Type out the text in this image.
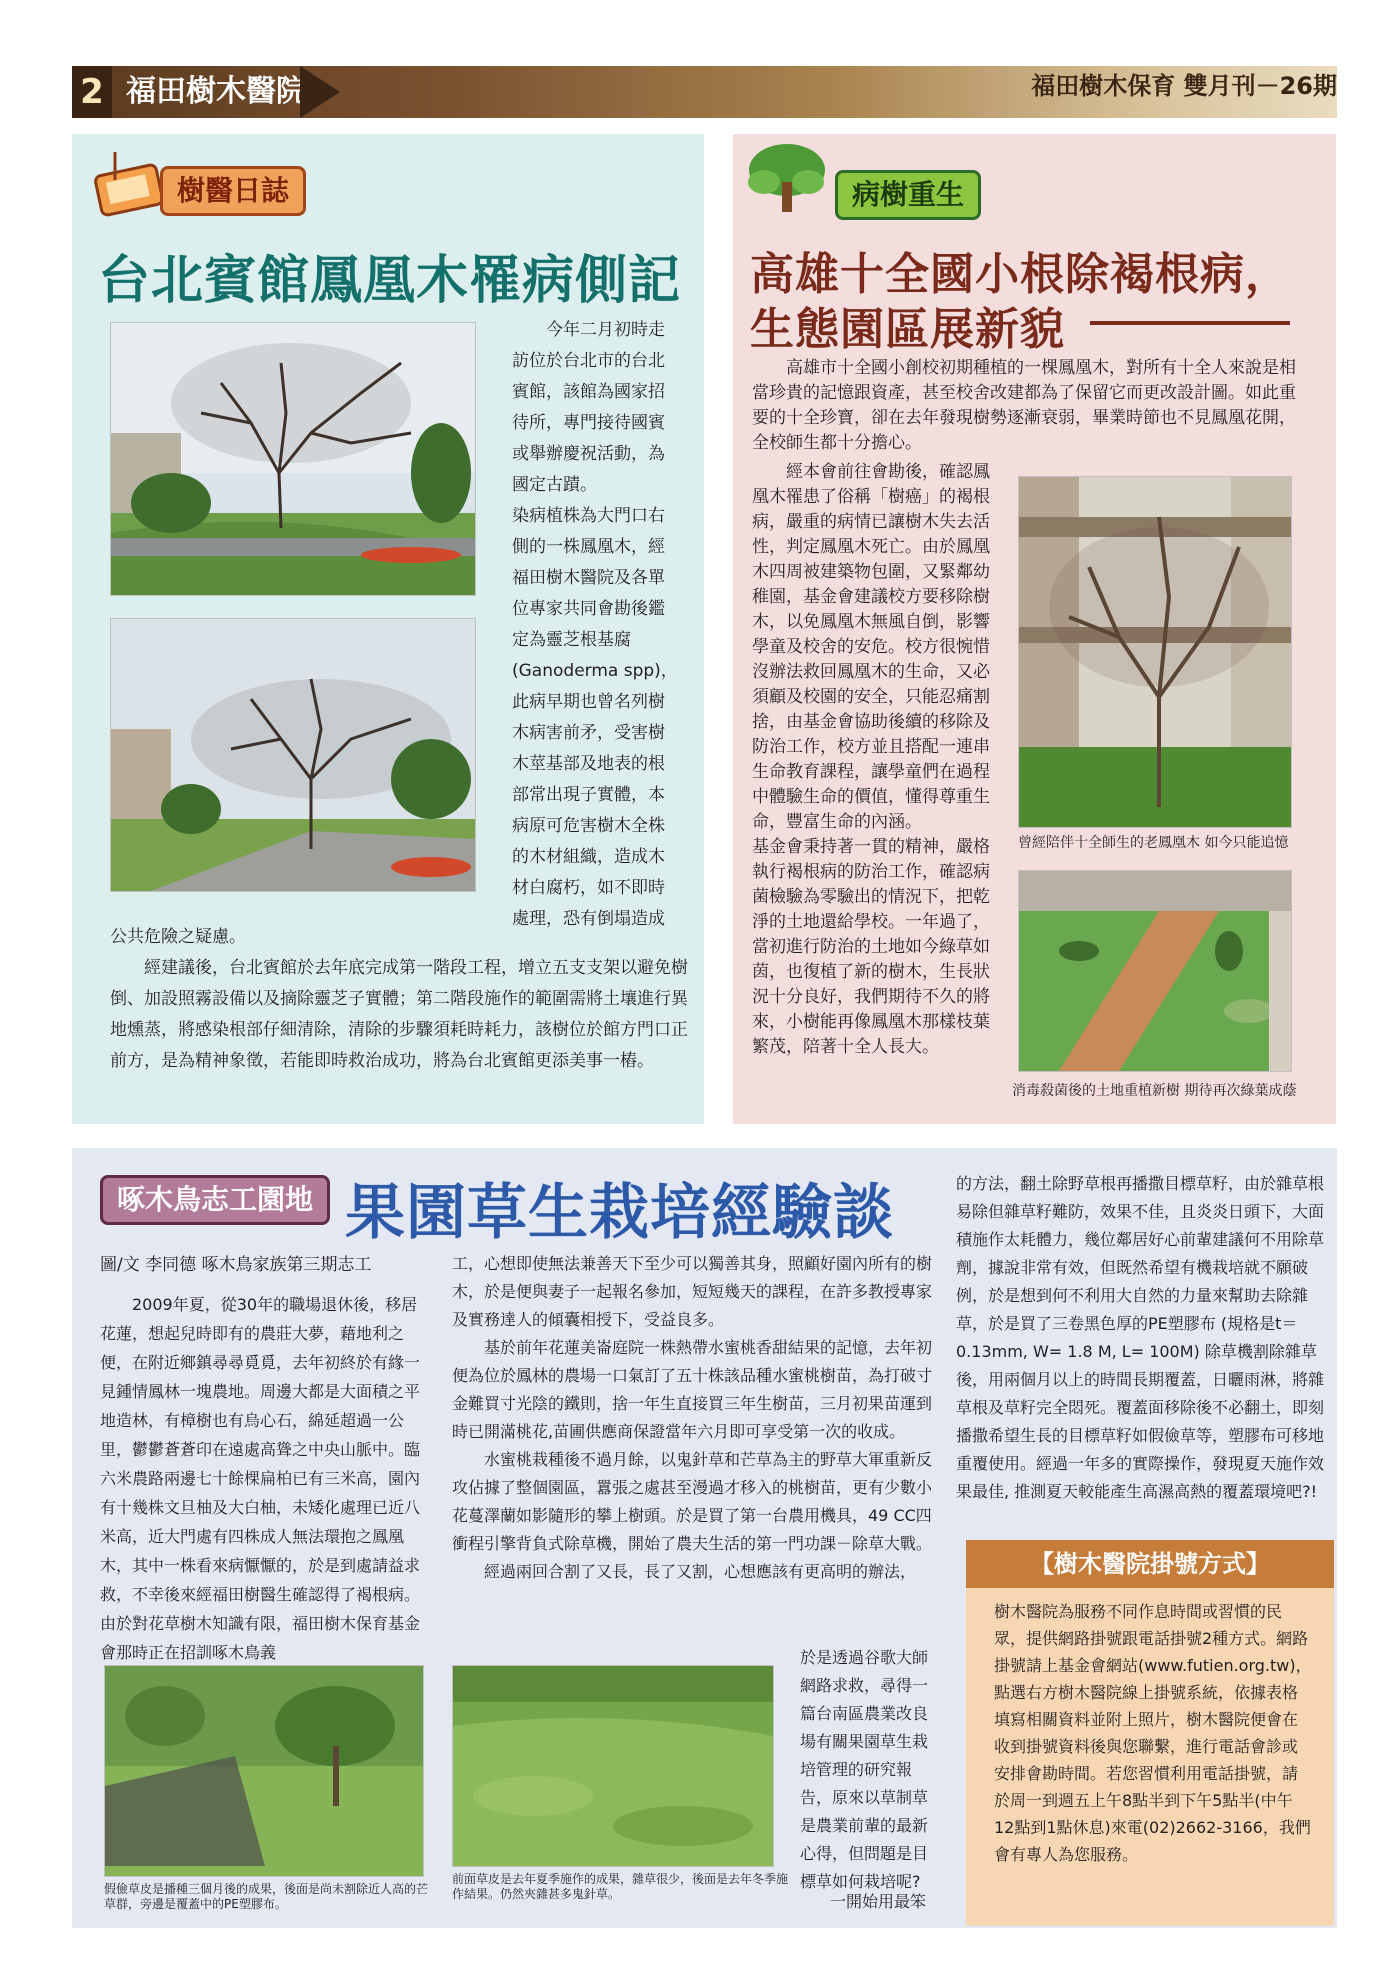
2 福田樹木醫院	福田樹木保育 雙月刊－26期
樹醫日誌
台北賓館鳳凰木罹病側記

今年二月初時走訪位於台北市的台北賓館，該館為國家招待所，專門接待國賓或舉辦慶祝活動，為國定古蹟。

染病植株為大門口右側的一株鳳凰木，經福田樹木醫院及各單位專家共同會勘後鑑定為靈芝根基腐(Ganoderma spp)，此病早期也曾名列樹木病害前矛，受害樹木莖基部及地表的根部常出現子實體，本病原可危害樹木全株的木材組織，造成木材白腐朽，如不即時處理，恐有倒塌造成

公共危險之疑慮。

經建議後，台北賓館於去年底完成第一階段工程，增立五支支架以避免樹倒、加設照霧設備以及摘除靈芝子實體；第二階段施作的範圍需將土壤進行異地燻蒸，將感染根部仔細清除，清除的步驟須耗時耗力，該樹位於館方門口正前方，是為精神象徵，若能即時救治成功，將為台北賓館更添美事一樁。

病樹重生
高雄十全國小根除褐根病，
生態園區展新貌
高雄市十全國小創校初期種植的一棵鳳凰木，對所有十全人來說是相當珍貴的記憶跟資產，甚至校舍改建都為了保留它而更改設計圖。如此重要的十全珍寶，卻在去年發現樹勢逐漸衰弱，畢業時節也不見鳳凰花開，全校師生都十分擔心。

經本會前往會勘後，確認鳳凰木罹患了俗稱「樹癌」的褐根病，嚴重的病情已讓樹木失去活性，判定鳳凰木死亡。由於鳳凰木四周被建築物包圍，又緊鄰幼稚園，基金會建議校方要移除樹木，以免鳳凰木無風自倒，影響學童及校舍的安危。校方很惋惜沒辦法救回鳳凰木的生命，又必須顧及校園的安全，只能忍痛割捨，由基金會協助後續的移除及防治工作，校方並且搭配一連串生命教育課程，讓學童們在過程中體驗生命的價值，懂得尊重生命，豐富生命的內涵。

基金會秉持著一貫的精神，嚴格執行褐根病的防治工作，確認病菌檢驗為零驗出的情況下，把乾淨的土地還給學校。一年過了，當初進行防治的土地如今綠草如茵，也復植了新的樹木，生長狀況十分良好，我們期待不久的將來，小樹能再像鳳凰木那樣枝葉繁茂，陪著十全人長大。

曾經陪伴十全師生的老鳳凰木 如今只能追憶
消毒殺菌後的土地重植新樹 期待再次綠葉成蔭
啄木鳥志工園地 果園草生栽培經驗談
圖/文 李同德 啄木鳥家族第三期志工
2009年夏，從30年的職場退休後，移居花蓮，想起兒時即有的農莊大夢，藉地利之便，在附近鄉鎮尋尋覓覓，去年初終於有緣一見鍾情鳳林一塊農地。周邊大都是大面積之平地造林，有樟樹也有烏心石，綿延超過一公里，鬱鬱蒼蒼印在遠處高聳之中央山脈中。臨六米農路兩邊七十餘棵扁柏已有三米高，園內有十幾株文旦柚及大白柚，未矮化處理已近八米高，近大門處有四株成人無法環抱之鳳凰木，其中一株看來病懨懨的，於是到處請益求救，不幸後來經福田樹醫生確認得了褐根病。由於對花草樹木知識有限，福田樹木保育基金會那時正在招訓啄木鳥義

工，心想即使無法兼善天下至少可以獨善其身，照顧好園內所有的樹木，於是便與妻子一起報名參加，短短幾天的課程，在許多教授專家及實務達人的傾囊相授下，受益良多。

基於前年花蓮美崙庭院一株熱帶水蜜桃香甜結果的記憶，去年初便為位於鳳林的農場一口氣訂了五十株該品種水蜜桃樹苗，為打破寸金難買寸光陰的鐵則，捨一年生直接買三年生樹苗，三月初果苗運到時已開滿桃花,苗圃供應商保證當年六月即可享受第一次的收成。

水蜜桃栽種後不過月餘，以鬼針草和芒草為主的野草大軍重新反攻佔據了整個園區，囂張之處甚至漫過才移入的桃樹苗，更有少數小花蔓澤蘭如影隨形的攀上樹頭。於是買了第一台農用機具，49 CC四衝程引擎背負式除草機，開始了農夫生活的第一門功課－除草大戰。

經過兩回合割了又長，長了又割，心想應該有更高明的辦法，

於是透過谷歌大師網路求救，尋得一篇台南區農業改良場有關果園草生栽培管理的研究報告，原來以草制草是農業前輩的最新心得，但問題是目標草如何栽培呢?
一開始用最笨
的方法，翻土除野草根再播撒目標草籽，由於雜草根易除但雜草籽難防，效果不佳，且炎炎日頭下，大面積施作太耗體力，幾位鄰居好心前輩建議何不用除草劑，據說非常有效，但既然希望有機栽培就不願破例，於是想到何不利用大自然的力量來幫助去除雜草，於是買了三卷黑色厚的PE塑膠布 (規格是t＝0.13mm, W= 1.8 M, L= 100M) 除草機割除雜草後，用兩個月以上的時間長期覆蓋，日曬雨淋，將雜草根及草籽完全悶死。覆蓋面移除後不必翻土，即刻播撒希望生長的目標草籽如假儉草等，塑膠布可移地重覆使用。經過一年多的實際操作，發現夏天施作效果最佳, 推測夏天較能產生高濕高熱的覆蓋環境吧?!
假儉草皮是播種三個月後的成果，後面是尚未割除近人高的芒草群，旁邊是覆蓋中的PE塑膠布。
前面草皮是去年夏季施作的成果，雜草很少，後面是去年冬季施作結果。仍然夾雜甚多鬼針草。
【樹木醫院掛號方式】
樹木醫院為服務不同作息時間或習慣的民眾，提供網路掛號跟電話掛號2種方式。網路掛號請上基金會網站(www.futien.org.tw)，點選右方樹木醫院線上掛號系統，依據表格填寫相關資料並附上照片，樹木醫院便會在收到掛號資料後與您聯繫，進行電話會診或安排會勘時間。若您習慣利用電話掛號，請於周一到週五上午8點半到下午5點半(中午12點到1點休息)來電(02)2662-3166，我們會有專人為您服務。
